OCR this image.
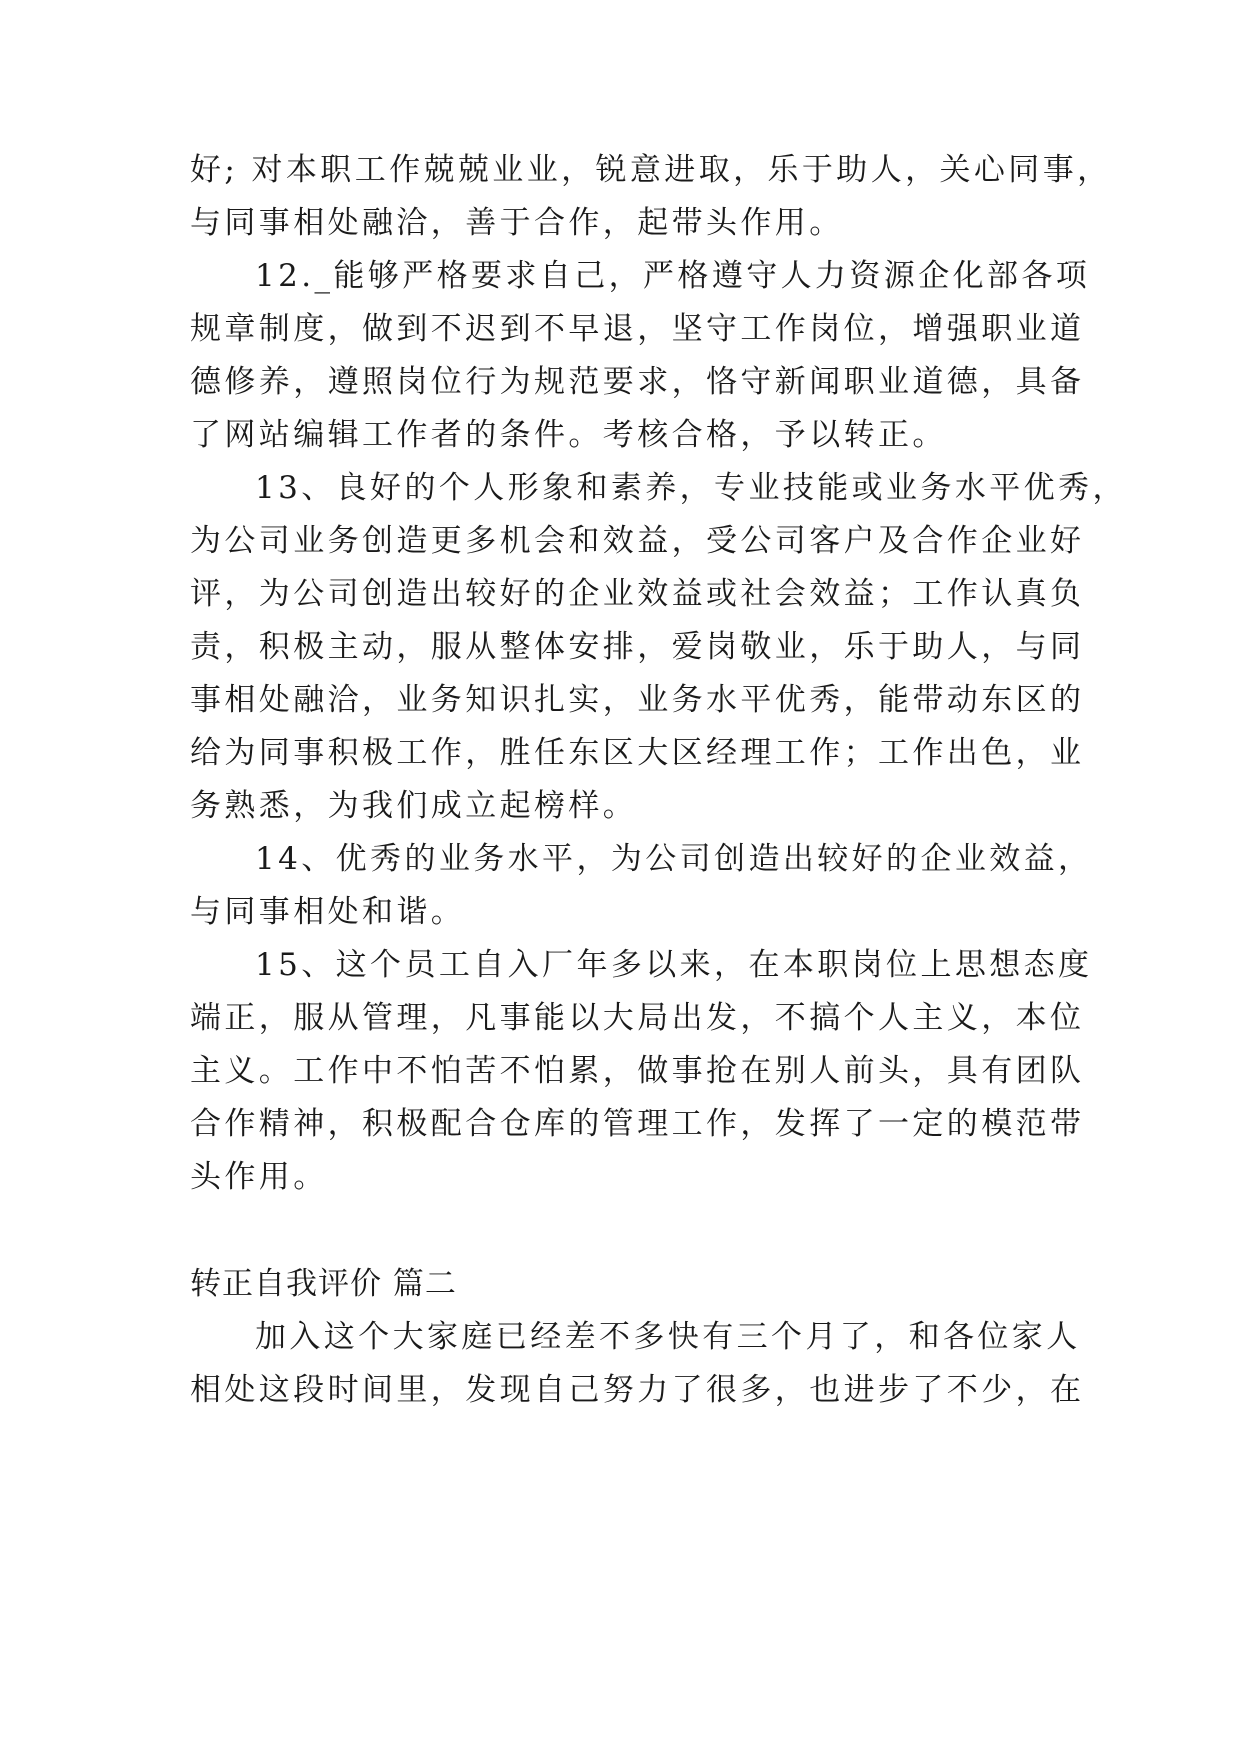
好; 对本职工作兢兢业业，锐意进取，乐于助人，关心同事，
与同事相处融洽，善于合作，起带头作用。
12._能够严格要求自己，严格遵守人力资源企化部各项
规章制度，做到不迟到不早退，坚守工作岗位，增强职业道
德修养，遵照岗位行为规范要求，恪守新闻职业道德，具备
了网站编辑工作者的条件。考核合格，予以转正。
13、良好的个人形象和素养，专业技能或业务水平优秀，
为公司业务创造更多机会和效益，受公司客户及合作企业好
评，为公司创造出较好的企业效益或社会效益；工作认真负
责，积极主动，服从整体安排，爱岗敬业，乐于助人，与同
事相处融洽，业务知识扎实，业务水平优秀，能带动东区的
给为同事积极工作，胜任东区大区经理工作；工作出色，业
务熟悉，为我们成立起榜样。
14、优秀的业务水平，为公司创造出较好的企业效益，
与同事相处和谐。
15、这个员工自入厂年多以来，在本职岗位上思想态度
端正，服从管理，凡事能以大局出发，不搞个人主义，本位
主义。工作中不怕苦不怕累，做事抢在别人前头，具有团队
合作精神，积极配合仓库的管理工作，发挥了一定的模范带
头作用。
转正自我评价 篇二
加入这个大家庭已经差不多快有三个月了，和各位家人
相处这段时间里，发现自己努力了很多，也进步了不少，在
